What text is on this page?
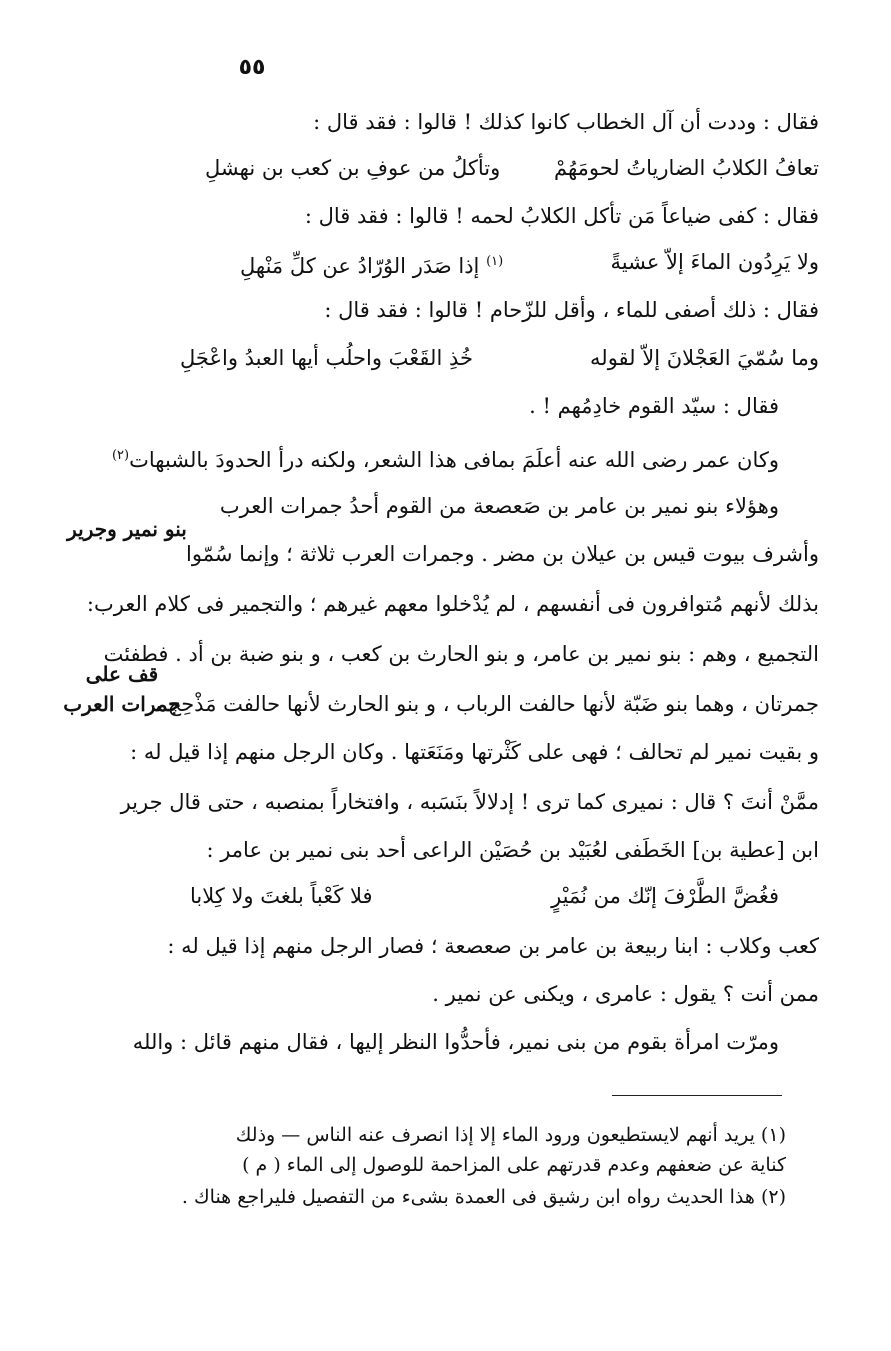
٥٥
فقال : وددت أن آل الخطاب كانوا كذلك ! قالوا : فقد قال :
تعافُ الكلابُ الضارياتُ لحومَهُمْ
وتأكلُ من عوفِ بن كعب بن نهشلِ
فقال : كفى ضياعاً مَن تأكل الكلابُ لحمه ! قالوا : فقد قال :
ولا يَرِدُون الماءَ إلاّ عشيةً
$^{(١)}$ إذا صَدَر الوُرّادُ عن كلِّ مَنْهلِ
فقال : ذلك أصفى للماء ، وأقل للزّحام ! قالوا : فقد قال :
وما سُمّيَ العَجْلانَ إلاّ لقوله
خُذِ القَعْبَ واحلُب أيها العبدُ واعْجَلِ
فقال : سيّد القوم خادِمُهم ! .
وكان عمر رضى الله عنه أعلَمَ بمافى هذا الشعر، ولكنه درأ الحدودَ بالشبهات$^{(٢)}$
وهؤلاء بنو نمير بن عامر بن صَعصعة من القوم أحدُ جمرات العرب
وأشرف بيوت قيس بن عيلان بن مضر . وجمرات العرب ثلاثة ؛ وإنما سُمّوا
بذلك لأنهم مُتوافرون فى أنفسهم ، لم يُدْخلوا معهم غيرهم ؛ والتجمير فى كلام العرب:
التجميع ، وهم : بنو نمير بن عامر، و بنو الحارث بن كعب ، و بنو ضبة بن أد . فطفئت
جمرتان ، وهما بنو ضَبّة لأنها حالفت الرباب ، و بنو الحارث لأنها حالفت مَذْحِج ،
و بقيت نمير لم تحالف ؛ فهى على كَثْرتها ومَنَعَتها . وكان الرجل منهم إذا قيل له :
ممَّنْ أنتَ ؟ قال : نميرى كما ترى ! إدلالاً بنَسَبه ، وافتخاراً بمنصبه ، حتى قال جرير
ابن [عطية بن] الخَطَفى لعُبَيْد بن حُصَيْن الراعى أحد بنى نمير بن عامر :
فغُضَّ الطَّرْفَ إنّك من نُمَيْرٍ
فلا كَعْباً بلغتَ ولا كِلابا
كعب وكلاب : ابنا ربيعة بن عامر بن صعصعة ؛ فصار الرجل منهم إذا قيل له :
ممن أنت ؟ يقول : عامرى ، ويكنى عن نمير .
ومرّت امرأة بقوم من بنى نمير، فأحدُّوا النظر إليها ، فقال منهم قائل : والله
بنو نمير وجرير
قف على
جمرات العرب
(١) يريد أنهم لايستطيعون ورود الماء إلا إذا انصرف عنه الناس — وذلك
كناية عن ضعفهم وعدم قدرتهم على المزاحمة للوصول إلى الماء ( م )
(٢) هذا الحديث رواه ابن رشيق فى العمدة بشىء من التفصيل فليراجع هناك .
